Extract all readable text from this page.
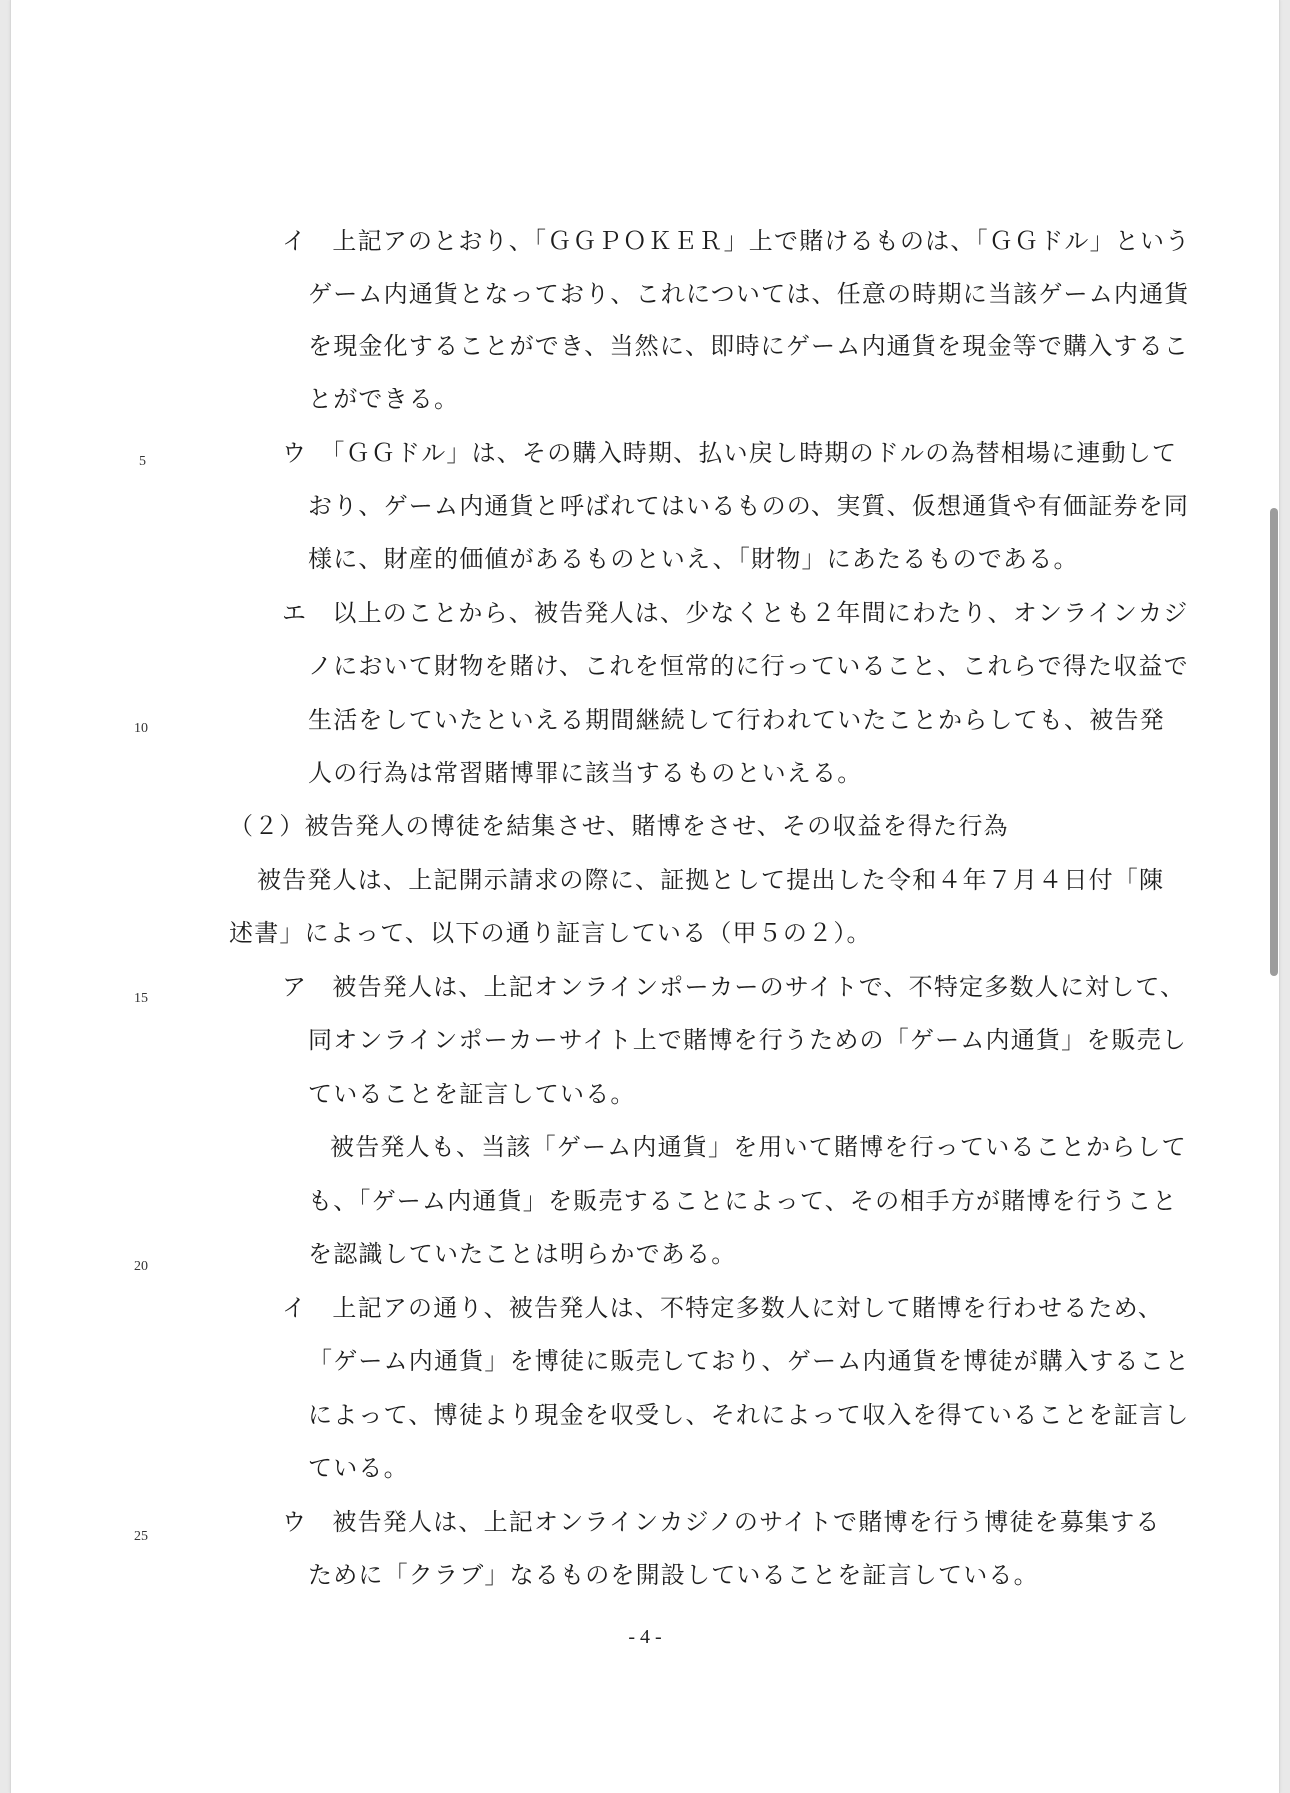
イ　上記アのとおり、「ＧＧＰＯＫＥＲ」上で賭けるものは、「ＧＧドル」という
ゲーム内通貨となっており、これについては、任意の時期に当該ゲーム内通貨
を現金化することができ、当然に、即時にゲーム内通貨を現金等で購入するこ
とができる。
ウ　「ＧＧドル」は、その購入時期、払い戻し時期のドルの為替相場に連動して
おり、ゲーム内通貨と呼ばれてはいるものの、実質、仮想通貨や有価証券を同
様に、財産的価値があるものといえ、「財物」にあたるものである。
エ　以上のことから、被告発人は、少なくとも２年間にわたり、オンラインカジ
ノにおいて財物を賭け、これを恒常的に行っていること、これらで得た収益で
生活をしていたといえる期間継続して行われていたことからしても、被告発
人の行為は常習賭博罪に該当するものといえる。
（２）被告発人の博徒を結集させ、賭博をさせ、その収益を得た行為
被告発人は、上記開示請求の際に、証拠として提出した令和４年７月４日付「陳
述書」によって、以下の通り証言している（甲５の２）。
ア　被告発人は、上記オンラインポーカーのサイトで、不特定多数人に対して、
同オンラインポーカーサイト上で賭博を行うための「ゲーム内通貨」を販売し
ていることを証言している。
被告発人も、当該「ゲーム内通貨」を用いて賭博を行っていることからして
も、「ゲーム内通貨」を販売することによって、その相手方が賭博を行うこと
を認識していたことは明らかである。
イ　上記アの通り、被告発人は、不特定多数人に対して賭博を行わせるため、
「ゲーム内通貨」を博徒に販売しており、ゲーム内通貨を博徒が購入すること
によって、博徒より現金を収受し、それによって収入を得ていることを証言し
ている。
ウ　被告発人は、上記オンラインカジノのサイトで賭博を行う博徒を募集する
ために「クラブ」なるものを開設していることを証言している。
5
10
15
20
25
- 4 -
